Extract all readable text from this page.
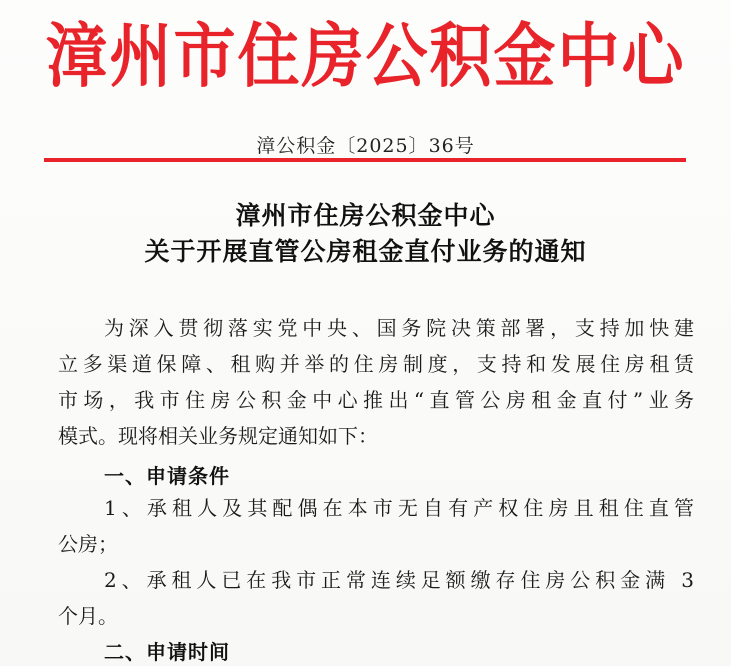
漳州市住房公积金中心
漳公积金〔2025〕36号
漳州市住房公积金中心
关于开展直管公房租金直付业务的通知
为深入贯彻落实党中央、国务院决策部署，支持加快建
立多渠道保障、租购并举的住房制度，支持和发展住房租赁
市场，我市住房公积金中心推出“直管公房租金直付”业务
模式。现将相关业务规定通知如下：
一、申请条件
1、承租人及其配偶在本市无自有产权住房且租住直管
公房；
2、承租人已在我市正常连续足额缴存住房公积金满 3
个月。
二、申请时间
